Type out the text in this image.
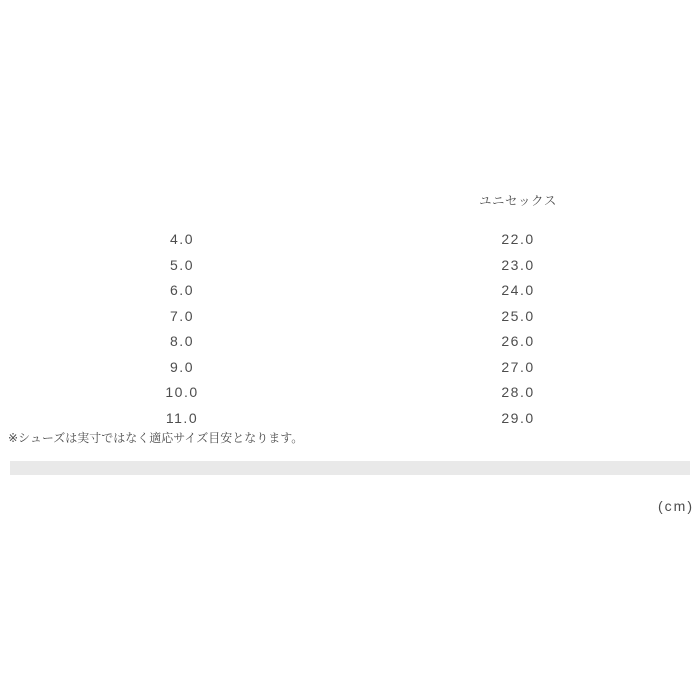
ユニセックス
4.0	22.0
5.0	23.0
6.0	24.0
7.0	25.0
8.0	26.0
9.0	27.0
10.0	28.0
11.0	29.0
※シューズは実寸ではなく適応サイズ目安となります。
(cm)
